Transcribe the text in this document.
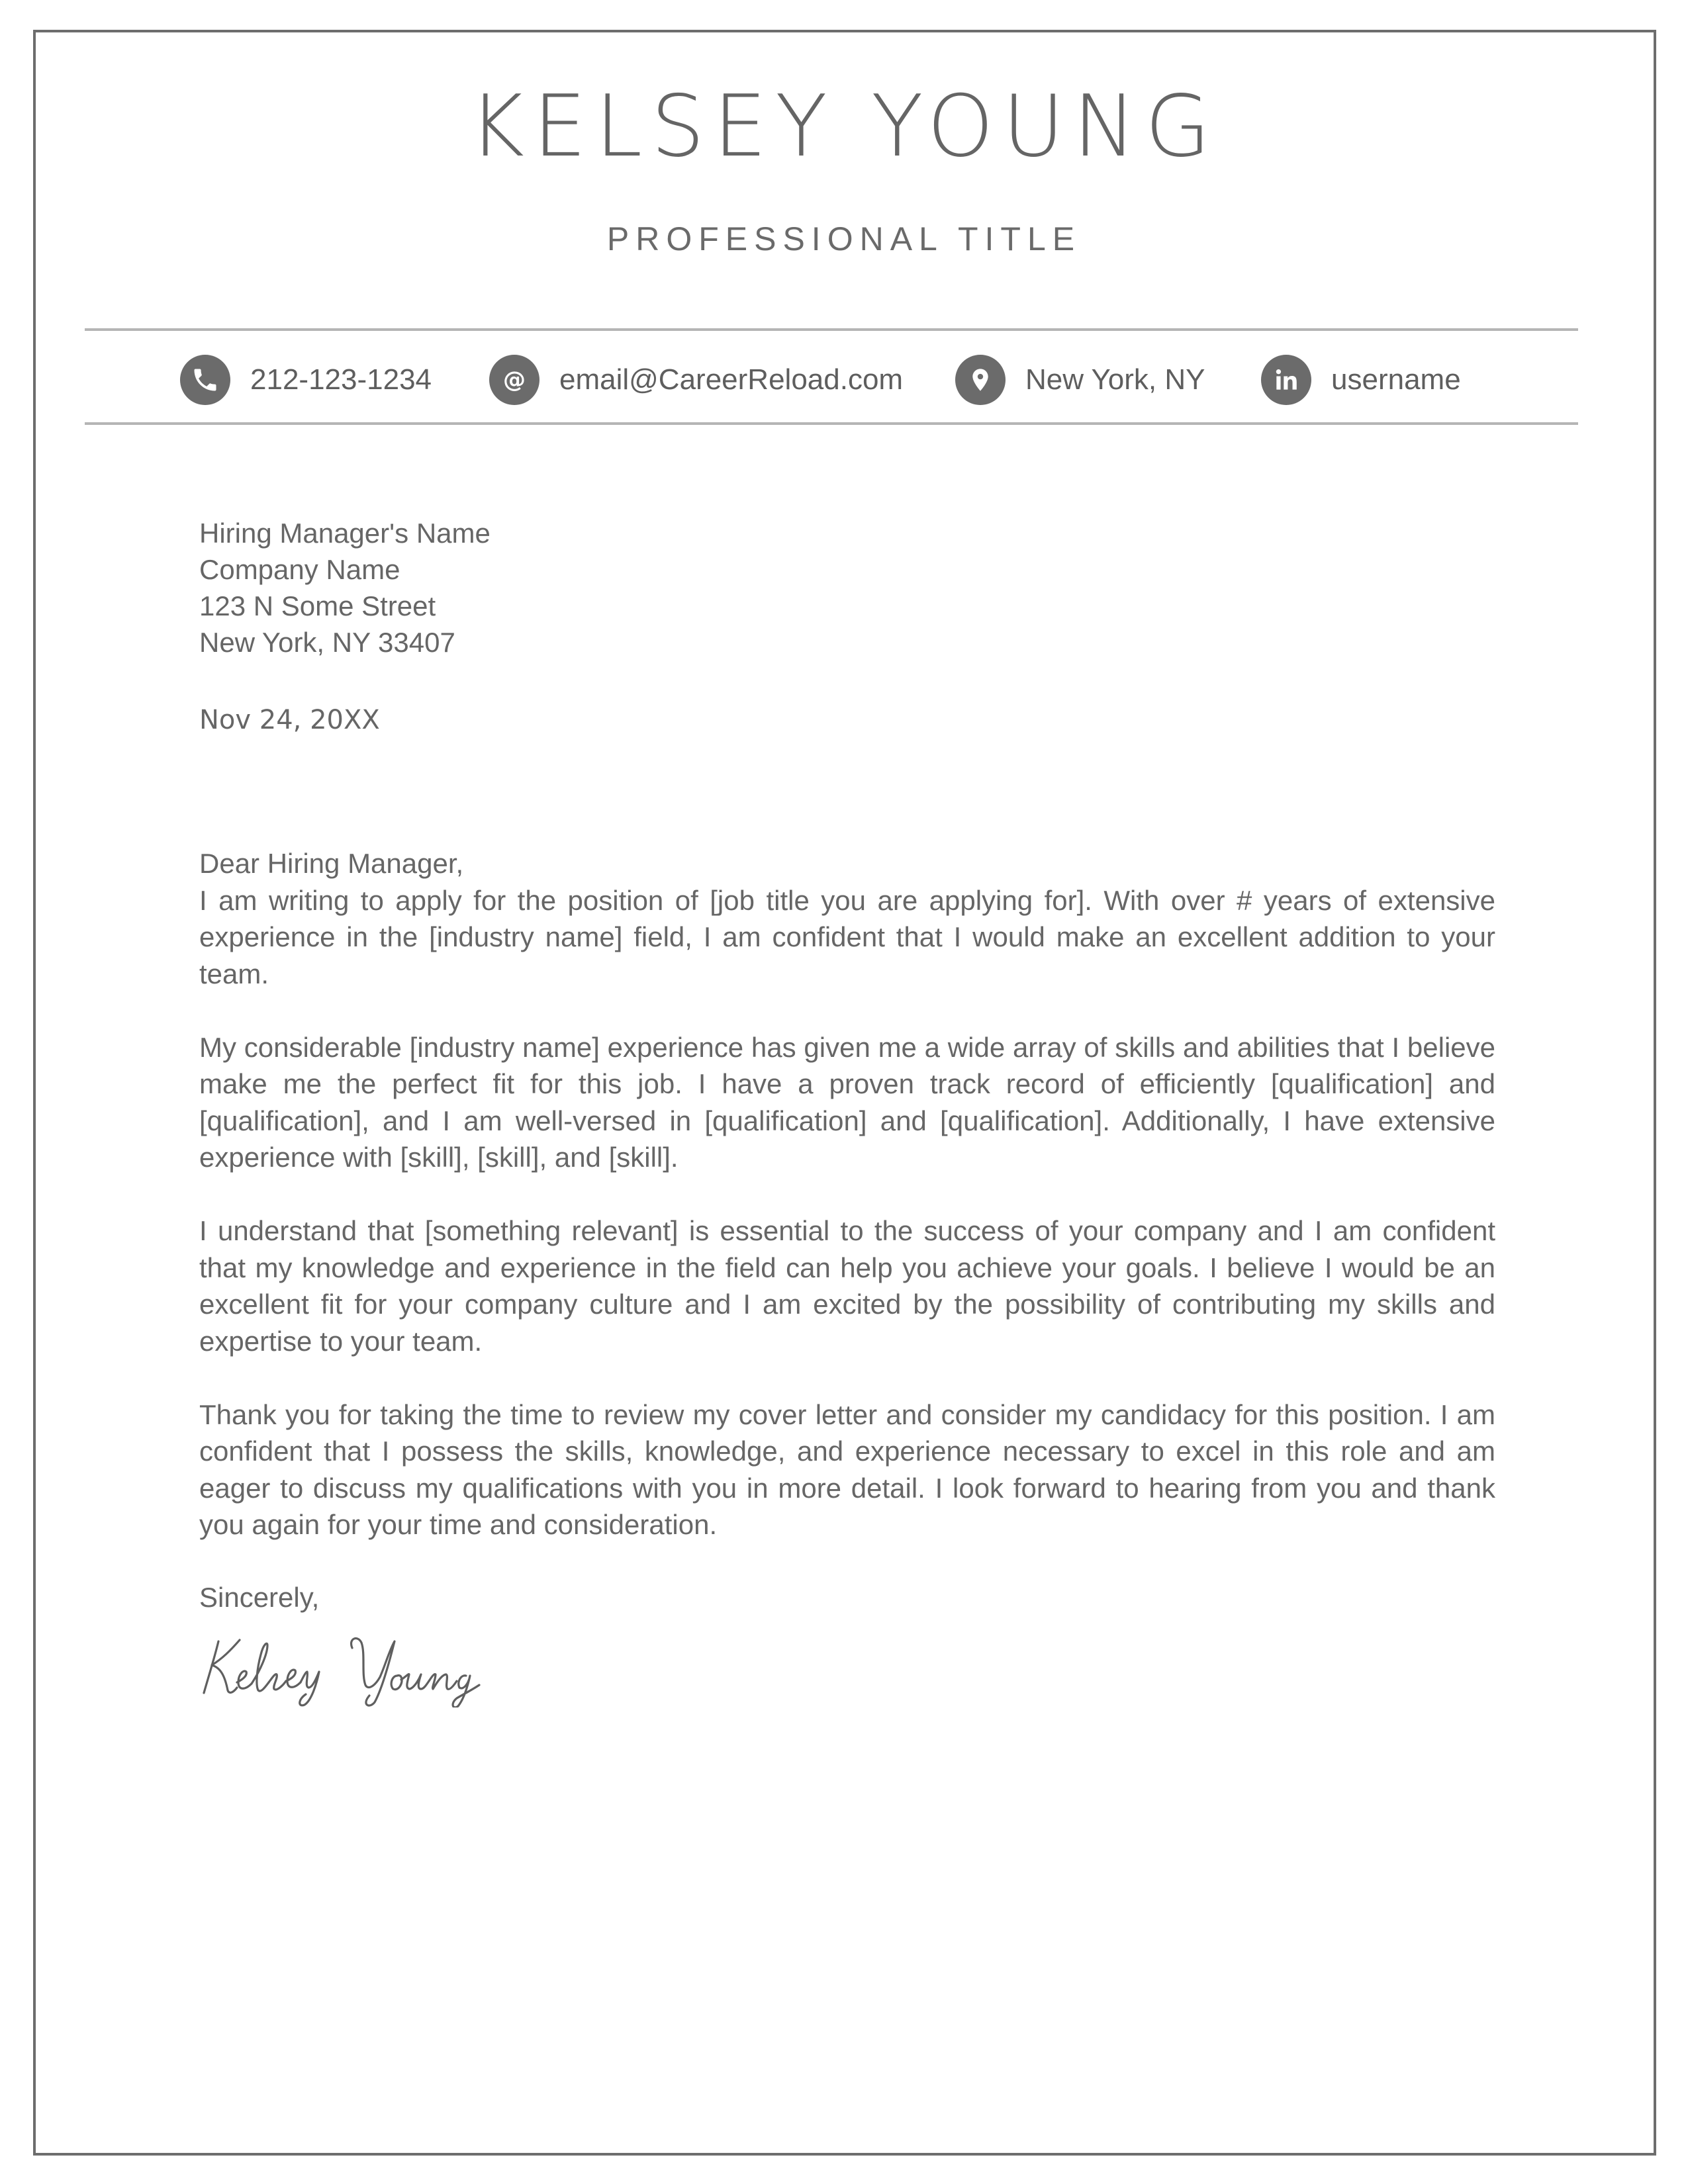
KELSEY YOUNG
PROFESSIONAL TITLE
212-123-1234	@ email@CareerReload.com	New York, NY	username
Hiring Manager's Name
Company Name
123 N Some Street
New York, NY 33407
Nov 24, 20XX
Dear Hiring Manager,

I am writing to apply for the position of [job title you are applying for]. With over # years of extensive experience in the [industry name] field, I am confident that I would make an excellent addition to your team.

My considerable [industry name] experience has given me a wide array of skills and abilities that I believe make me the perfect fit for this job. I have a proven track record of efficiently [qualification] and [qualification], and I am well-versed in [qualification] and [qualification]. Additionally, I have extensive experience with [skill], [skill], and [skill].

I understand that [something relevant] is essential to the success of your company and I am confident that my knowledge and experience in the field can help you achieve your goals. I believe I would be an excellent fit for your company culture and I am excited by the possibility of contributing my skills and expertise to your team.

Thank you for taking the time to review my cover letter and consider my candidacy for this position. I am confident that I possess the skills, knowledge, and experience necessary to excel in this role and am eager to discuss my qualifications with you in more detail. I look forward to hearing from you and thank you again for your time and consideration.

Sincerely,
